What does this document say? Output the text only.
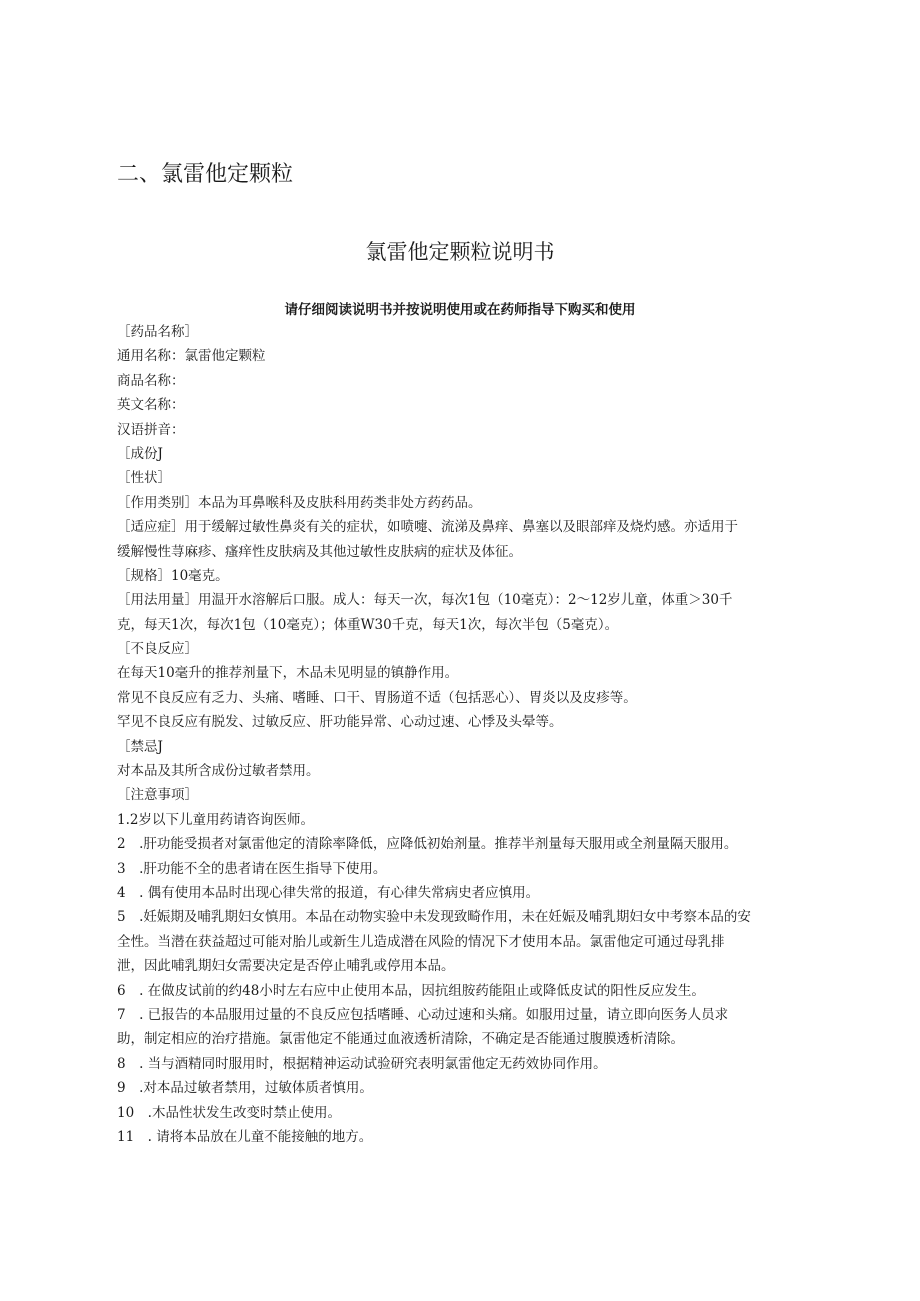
二、氯雷他定颗粒
氯雷他定颗粒说明书
请仔细阅读说明书并按说明使用或在药师指导下购买和使用
［药品名称］
通用名称：氯雷他定颗粒
商品名称：
英文名称：
汉语拼音：
［成份J
［性状］
［作用类别］本品为耳鼻喉科及皮肤科用药类非处方药药品。
［适应症］用于缓解过敏性鼻炎有关的症状，如喷嚏、流涕及鼻痒、鼻塞以及眼部痒及烧灼感。亦适用于
缓解慢性荨麻疹、瘙痒性皮肤病及其他过敏性皮肤病的症状及体征。
［规格］10毫克。
［用法用量］用温开水溶解后口服。成人：每天一次，每次1包（10毫克）：2〜12岁儿童，体重＞30千
克，每天1次，每次1包（10毫克）；体重W30千克，每天1次，每次半包（5毫克）。
［不良反应］
在每天10毫升的推荐剂量下，木品未见明显的镇静作用。
常见不良反应有乏力、头痛、嗜睡、口干、胃肠道不适（包括恶心）、胃炎以及皮疹等。
罕见不良反应有脱发、过敏反应、肝功能异常、心动过速、心悸及头晕等。
［禁忌J
对本品及其所含成份过敏者禁用。
［注意事项］
1.2岁以下儿童用药请咨询医师。
2　.肝功能受损者对氯雷他定的清除率降低，应降低初始剂量。推荐半剂量每天服用或全剂量隔天服用。
3　.肝功能不全的患者请在医生指导下使用。
4　. 偶有使用本品时出现心律失常的报道，有心律失常病史者应慎用。
5　.妊娠期及哺乳期妇女慎用。本品在动物实验中未发现致畸作用，未在妊娠及哺乳期妇女中考察本品的安
全性。当潜在获益超过可能对胎儿或新生儿造成潜在风险的情况下才使用本品。氯雷他定可通过母乳排
泄，因此哺乳期妇女需要决定是否停止哺乳或停用本品。
6　. 在做皮试前的约48小时左右应中止使用本品，因抗组胺药能阻止或降低皮试的阳性反应发生。
7　. 已报告的本品服用过量的不良反应包括嗜睡、心动过速和头痛。如服用过量，请立即向医务人员求
助，制定相应的治疗措施。氯雷他定不能通过血液透析清除，不确定是否能通过腹膜透析清除。
8　. 当与酒精同时服用时，根据精神运动试验研究表明氯雷他定无药效协同作用。
9　.对本品过敏者禁用，过敏体质者慎用。
10　.木品性状发生改变时禁止使用。
11　. 请将本品放在儿童不能接触的地方。
